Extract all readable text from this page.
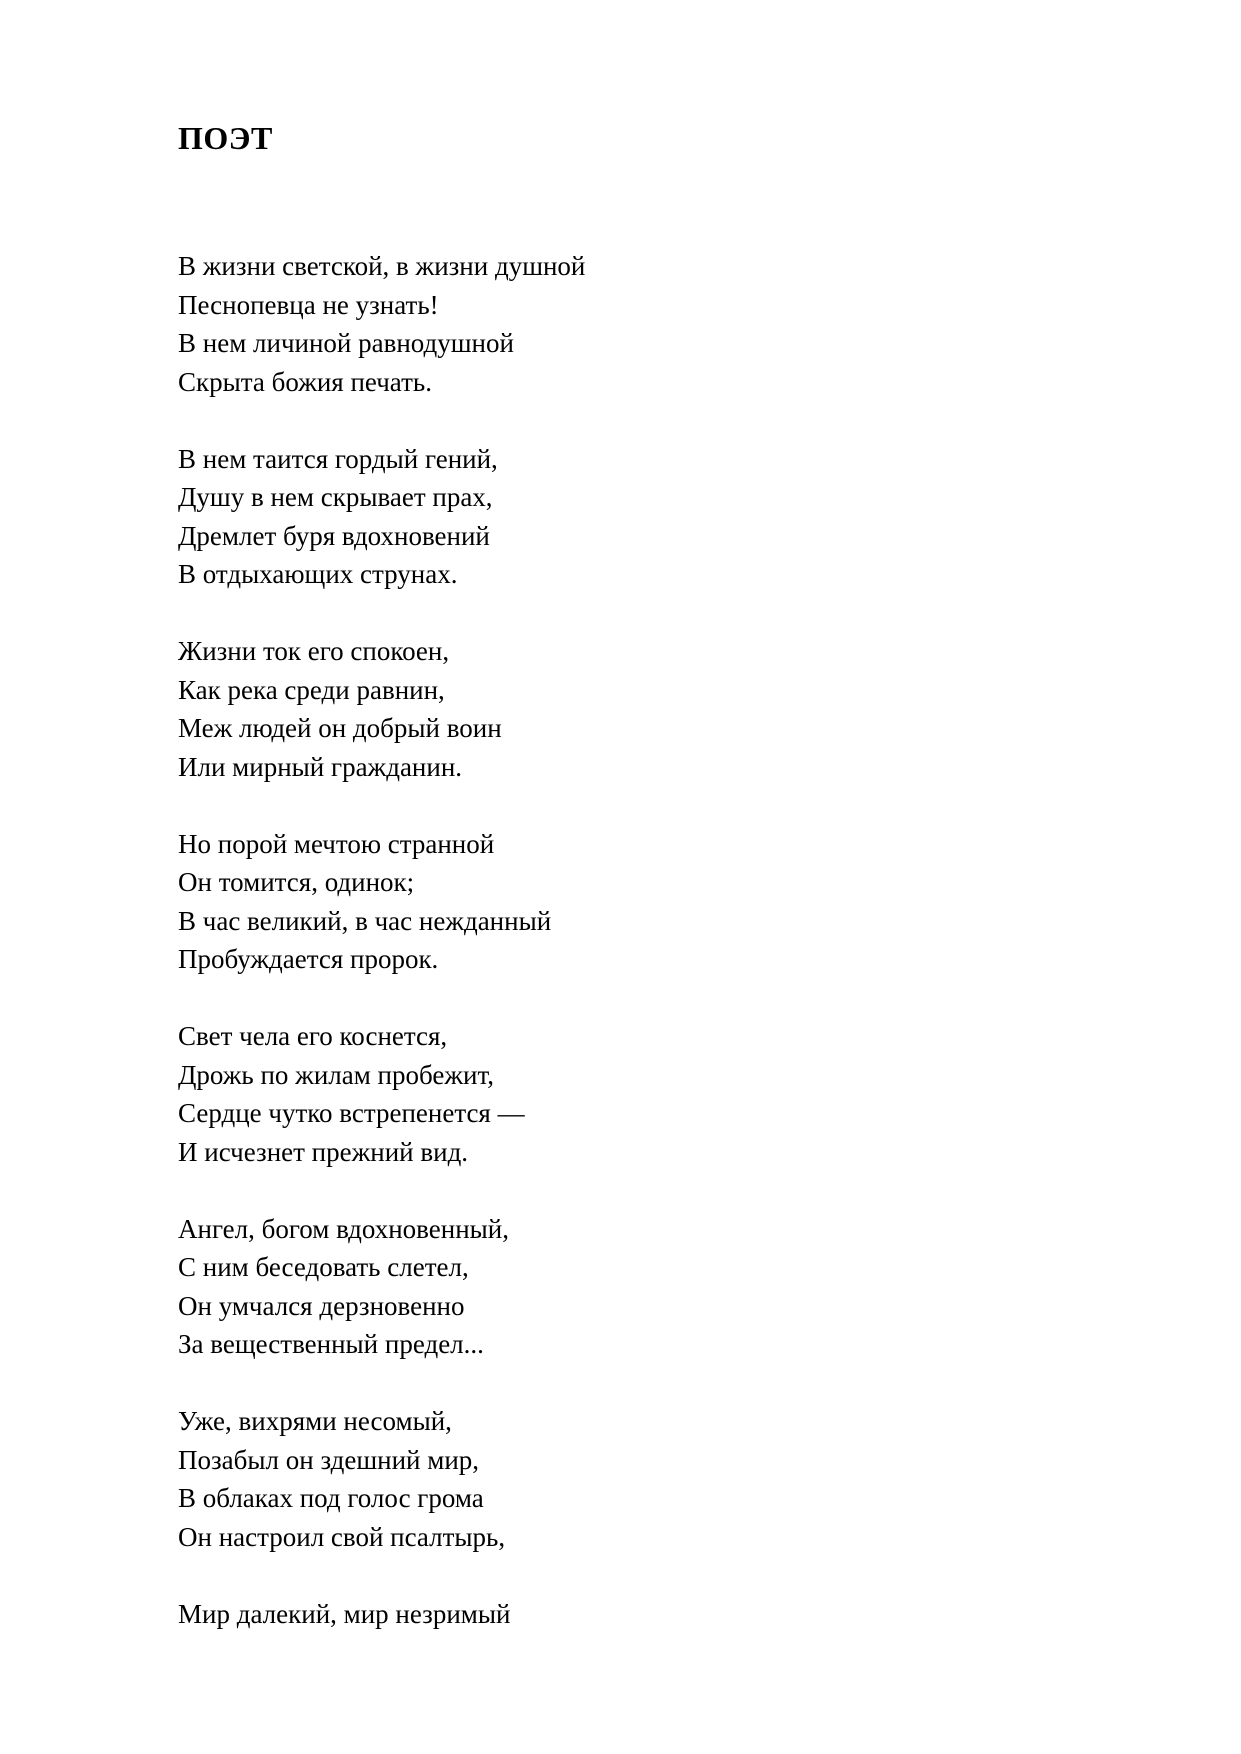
ПОЭТ
В жизни светской, в жизни душной
Песнопевца не узнать!
В нем личиной равнодушной
Скрыта божия печать.
В нем таится гордый гений,
Душу в нем скрывает прах,
Дремлет буря вдохновений
В отдыхающих струнах.
Жизни ток его спокоен,
Как река среди равнин,
Меж людей он добрый воин
Или мирный гражданин.
Но порой мечтою странной
Он томится, одинок;
В час великий, в час нежданный
Пробуждается пророк.
Свет чела его коснется,
Дрожь по жилам пробежит,
Сердце чутко встрепенется —
И исчезнет прежний вид.
Ангел, богом вдохновенный,
С ним беседовать слетел,
Он умчался дерзновенно
За вещественный предел...
Уже, вихрями несомый,
Позабыл он здешний мир,
В облаках под голос грома
Он настроил свой псалтырь,
Мир далекий, мир незримый
